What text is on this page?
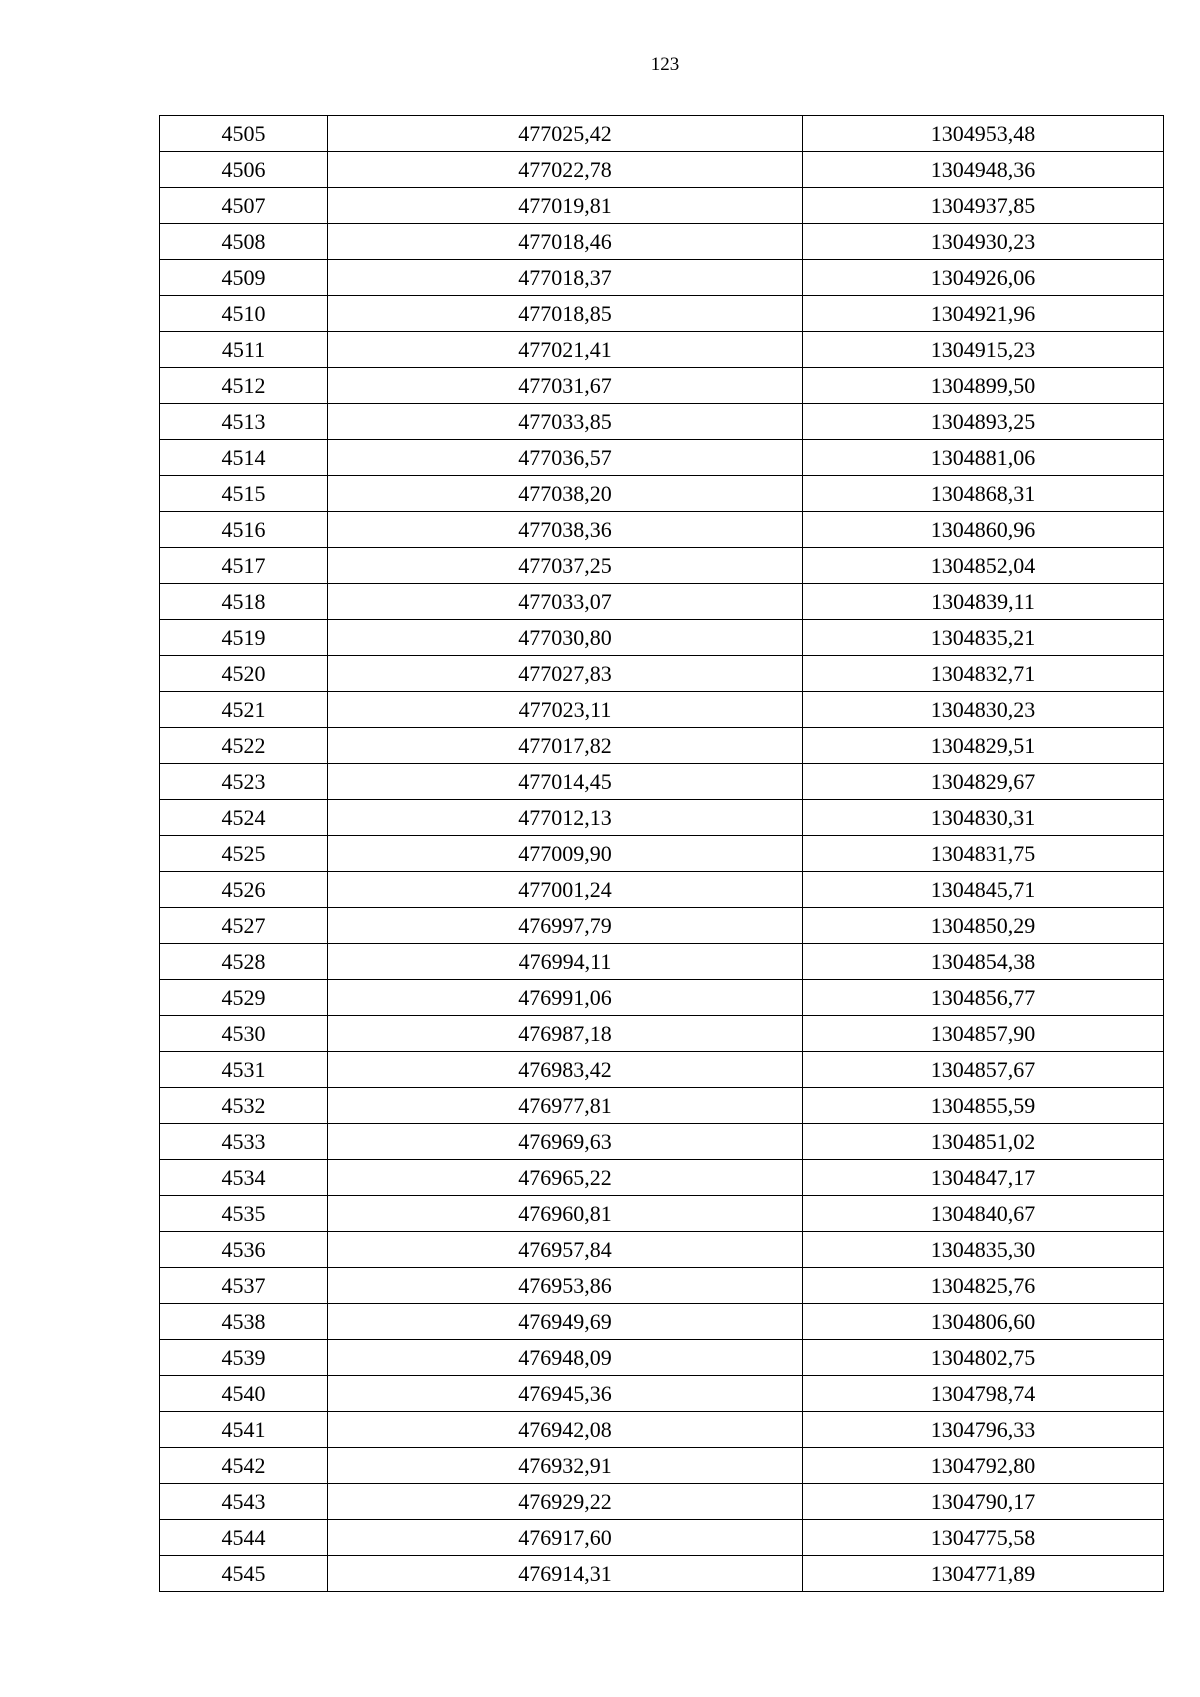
123
4505	477025,42	1304953,48
4506	477022,78	1304948,36
4507	477019,81	1304937,85
4508	477018,46	1304930,23
4509	477018,37	1304926,06
4510	477018,85	1304921,96
4511	477021,41	1304915,23
4512	477031,67	1304899,50
4513	477033,85	1304893,25
4514	477036,57	1304881,06
4515	477038,20	1304868,31
4516	477038,36	1304860,96
4517	477037,25	1304852,04
4518	477033,07	1304839,11
4519	477030,80	1304835,21
4520	477027,83	1304832,71
4521	477023,11	1304830,23
4522	477017,82	1304829,51
4523	477014,45	1304829,67
4524	477012,13	1304830,31
4525	477009,90	1304831,75
4526	477001,24	1304845,71
4527	476997,79	1304850,29
4528	476994,11	1304854,38
4529	476991,06	1304856,77
4530	476987,18	1304857,90
4531	476983,42	1304857,67
4532	476977,81	1304855,59
4533	476969,63	1304851,02
4534	476965,22	1304847,17
4535	476960,81	1304840,67
4536	476957,84	1304835,30
4537	476953,86	1304825,76
4538	476949,69	1304806,60
4539	476948,09	1304802,75
4540	476945,36	1304798,74
4541	476942,08	1304796,33
4542	476932,91	1304792,80
4543	476929,22	1304790,17
4544	476917,60	1304775,58
4545	476914,31	1304771,89
